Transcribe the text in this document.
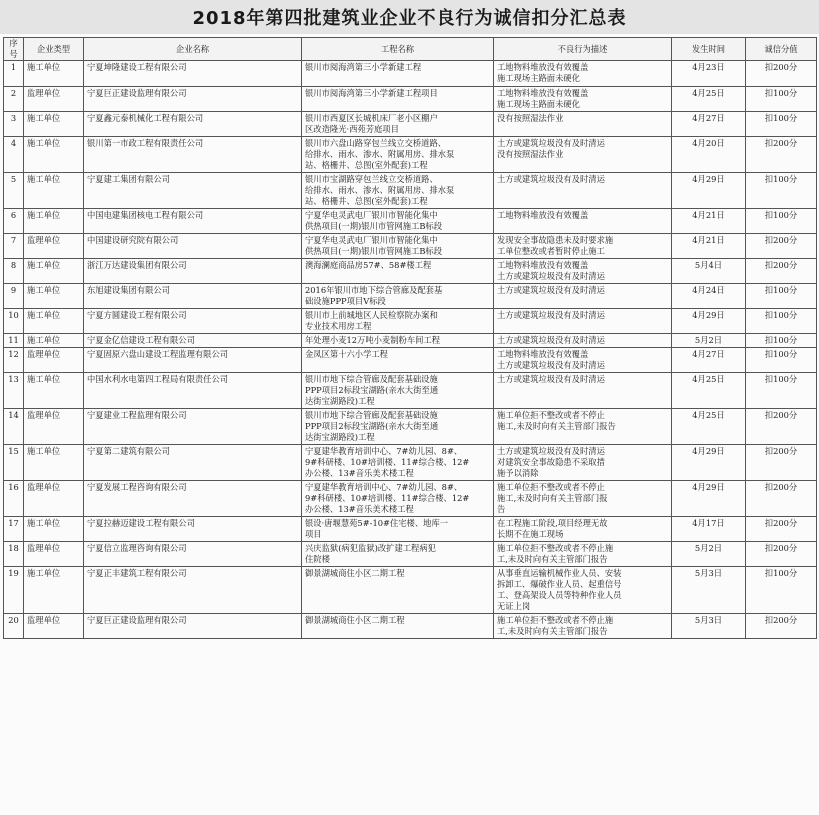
2018年第四批建筑业企业不良行为诚信扣分汇总表
序号	企业类型	企业名称	工程名称	不良行为描述	发生时间	诚信分值
1	施工单位	宁夏坤隆建设工程有限公司	银川市阅海湾第三小学新建工程	工地物料堆放没有效覆盖
施工现场主路面未硬化	4月23日	扣200分
2	监理单位	宁夏巨正建设监理有限公司	银川市阅海湾第三小学新建工程项目	工地物料堆放没有效覆盖
施工现场主路面未硬化	4月25日	扣100分
3	施工单位	宁夏鑫元泰机械化工程有限公司	银川市西夏区长城机床厂老小区棚户
区改造隆光·西苑芳庭项目	没有按照湿法作业	4月27日	扣100分
4	施工单位	银川第一市政工程有限责任公司	银川市六盘山路穿包兰线立交桥道路、
给排水、雨水、渗水、附属用房、排水泵
站、格栅井、总图(室外配套)工程	土方或建筑垃圾没有及时清运
没有按照湿法作业	4月20日	扣200分
5	施工单位	宁夏建工集团有限公司	银川市宝湖路穿包兰线立交桥道路、
给排水、雨水、渗水、附属用房、排水泵
站、格栅井、总图(室外配套)工程	土方或建筑垃圾没有及时清运	4月29日	扣100分
6	施工单位	中国电建集团核电工程有限公司	宁夏华电灵武电厂银川市智能化集中
供热项目(一期)银川市管网施工B标段	工地物料堆放没有效覆盖	4月21日	扣100分
7	监理单位	中国建设研究院有限公司	宁夏华电灵武电厂银川市智能化集中
供热项目(一期)银川市管网施工B标段	发现安全事故隐患未及时要求施
工单位整改或者暂时停止施工	4月21日	扣200分
8	施工单位	浙江万达建设集团有限公司	澳海澜庭商品房57#、58#楼工程	工地物料堆放没有效覆盖
土方或建筑垃圾没有及时清运	5月4日	扣200分
9	施工单位	东旭建设集团有限公司	2016年银川市地下综合管廊及配套基
础设施PPP项目V标段	土方或建筑垃圾没有及时清运	4月24日	扣100分
10	施工单位	宁夏方圆建设工程有限公司	银川市上前城地区人民检察院办案和
专业技术用房工程	土方或建筑垃圾没有及时清运	4月29日	扣100分
11	施工单位	宁夏金亿信建设工程有限公司	年处理小麦12万吨小麦制粉车间工程	土方或建筑垃圾没有及时清运	5月2日	扣100分
12	监理单位	宁夏固原六盘山建设工程监理有限公司	金凤区第十六小学工程	工地物料堆放没有效覆盖
土方或建筑垃圾没有及时清运	4月27日	扣100分
13	施工单位	中国水利水电第四工程局有限责任公司	银川市地下综合管廊及配套基础设施
PPP项目2标段宝湖路(亲水大街至通
达街宝湖路段)工程	土方或建筑垃圾没有及时清运	4月25日	扣100分
14	监理单位	宁夏建业工程监理有限公司	银川市地下综合管廊及配套基础设施
PPP项目2标段宝湖路(亲水大街至通
达街宝湖路段)工程	施工单位拒不整改或者不停止
施工,未及时向有关主管部门报告	4月25日	扣200分
15	施工单位	宁夏第二建筑有限公司	宁夏建华教育培训中心、7#幼儿园、8#、
9#科研楼、10#培训楼、11#综合楼、12#
办公楼、13#音乐美术楼工程	土方或建筑垃圾没有及时清运
对建筑安全事故隐患不采取措
施予以消除	4月29日	扣200分
16	监理单位	宁夏发展工程咨询有限公司	宁夏建华教育培训中心、7#幼儿园、8#、
9#科研楼、10#培训楼、11#综合楼、12#
办公楼、13#音乐美术楼工程	施工单位拒不整改或者不停止
施工,未及时向有关主管部门报
告	4月29日	扣200分
17	施工单位	宁夏拉赫迈建设工程有限公司	银设·唐堰慧苑5#-10#住宅楼、地库一
项目	在工程施工阶段,项目经理无故
长期不在施工现场	4月17日	扣200分
18	监理单位	宁夏信立监理咨询有限公司	兴庆监狱(病犯监狱)改扩建工程病犯
住院楼	施工单位拒不整改或者不停止施
工,未及时向有关主管部门报告	5月2日	扣200分
19	施工单位	宁夏正丰建筑工程有限公司	御景湖城商住小区二期工程	从事垂直运输机械作业人员、安装
拆卸工、爆破作业人员、起重信号
工、登高架设人员等特种作业人员
无证上岗	5月3日	扣100分
20	监理单位	宁夏巨正建设监理有限公司	御景湖城商住小区二期工程	施工单位拒不整改或者不停止施
工,未及时向有关主管部门报告	5月3日	扣200分
